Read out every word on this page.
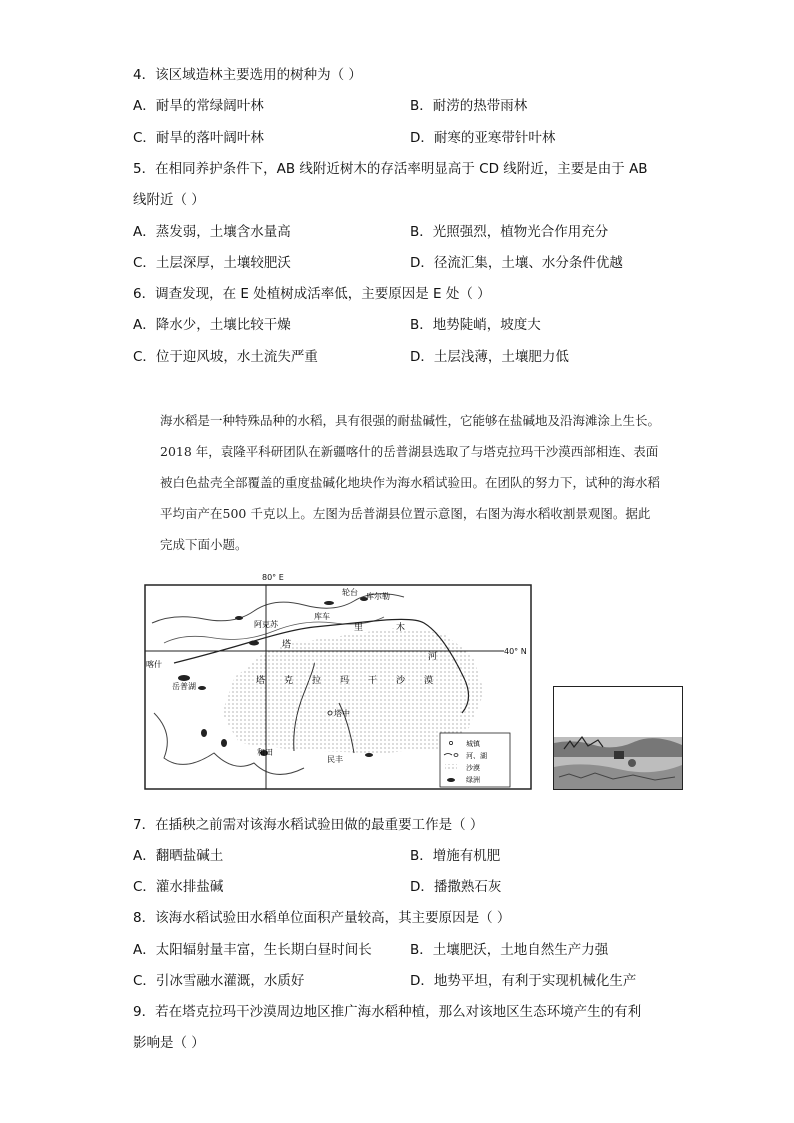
4．该区域造林主要选用的树种为（ ）
A．耐旱的常绿阔叶林	B．耐涝的热带雨林
C．耐旱的落叶阔叶林	D．耐寒的亚寒带针叶林
5．在相同养护条件下，AB 线附近树木的存活率明显高于 CD 线附近，主要是由于 AB
线附近（ ）
A．蒸发弱，土壤含水量高	B．光照强烈，植物光合作用充分
C．土层深厚，土壤较肥沃	D．径流汇集，土壤、水分条件优越
6．调查发现，在 E 处植树成活率低，主要原因是 E 处（ ）
A．降水少，土壤比较干燥	B．地势陡峭，坡度大
C．位于迎风坡，水土流失严重	D．土层浅薄，土壤肥力低
海水稻是一种特殊品种的水稻，具有很强的耐盐碱性，它能够在盐碱地及沿海滩涂上生长。2018 年，袁隆平科研团队在新疆喀什的岳普湖县选取了与塔克拉玛干沙漠西部相连、表面被白色盐壳全部覆盖的重度盐碱化地块作为海水稻试验田。在团队的努力下，试种的海水稻平均亩产在500 千克以上。左图为岳普湖县位置示意图，右图为海水稻收割景观图。据此完成下面小题。
80° E
40° N
库车
轮台 库尔勒
阿克苏
喀什
岳普湖
塔中
和田
民丰
塔
里	木
河
塔 克 拉 玛 干 沙 漠
城镇
河、湖
沙漠
绿洲
7．在插秧之前需对该海水稻试验田做的最重要工作是（ ）
A．翻晒盐碱土	B．增施有机肥
C．灌水排盐碱	D．播撒熟石灰
8．该海水稻试验田水稻单位面积产量较高，其主要原因是（ ）
A．太阳辐射量丰富，生长期白昼时间长	B．土壤肥沃，土地自然生产力强
C．引冰雪融水灌溉，水质好	D．地势平坦，有利于实现机械化生产
9．若在塔克拉玛干沙漠周边地区推广海水稻种植，那么对该地区生态环境产生的有利
影响是（ ）
